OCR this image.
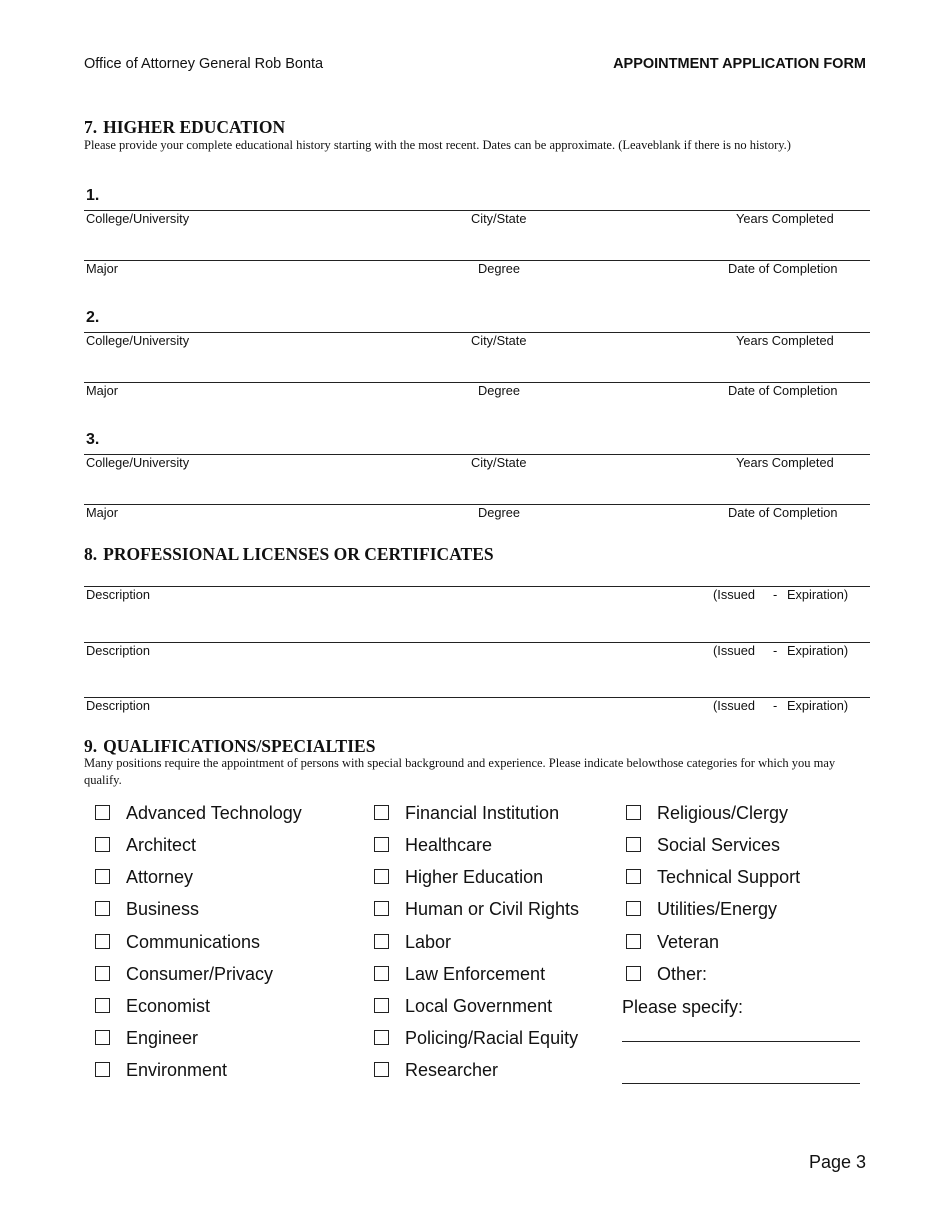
Office of Attorney General Rob Bonta	APPOINTMENT APPLICATION FORM
7. HIGHER EDUCATION
Please provide your complete educational history starting with the most recent. Dates can be approximate. (Leaveblank if there is no history.)
1.
College/University	City/State	Years Completed
Major	Degree	Date of Completion
2.
College/University	City/State	Years Completed
Major	Degree	Date of Completion
3.
College/University	City/State	Years Completed
Major	Degree	Date of Completion
8. PROFESSIONAL LICENSES OR CERTIFICATES
Description	(Issued - Expiration)
Description	(Issued - Expiration)
Description	(Issued - Expiration)
9. QUALIFICATIONS/SPECIALTIES
Many positions require the appointment of persons with special background and experience. Please indicate belowthose categories for which you may qualify.
Advanced Technology
Architect
Attorney
Business
Communications
Consumer/Privacy
Economist
Engineer
Environment
Financial Institution
Healthcare
Higher Education
Human or Civil Rights
Labor
Law Enforcement
Local Government
Policing/Racial Equity
Researcher
Religious/Clergy
Social Services
Technical Support
Utilities/Energy
Veteran
Other:
Please specify:
Page 3
